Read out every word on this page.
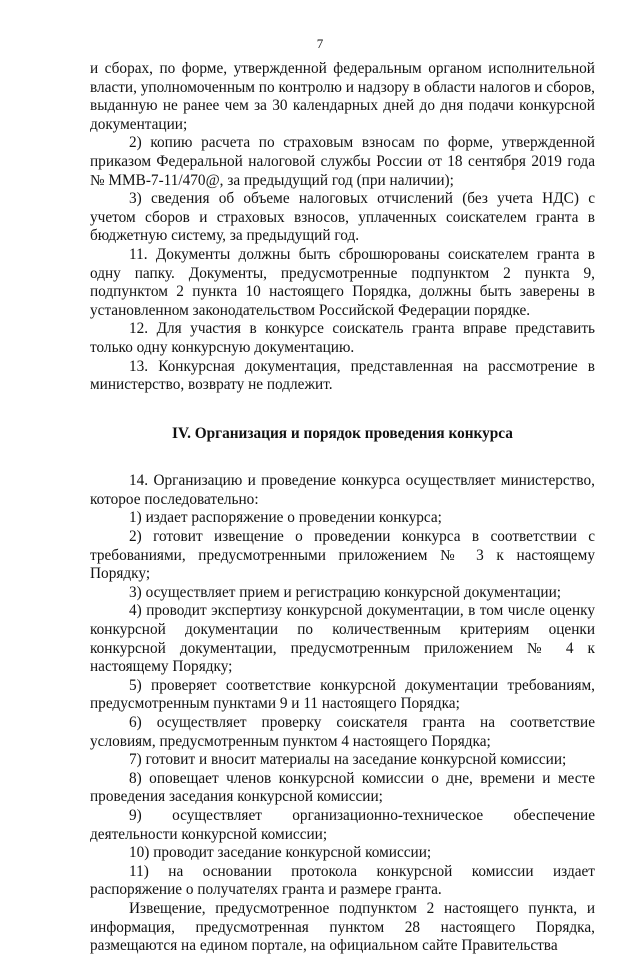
7

и сборах, по форме, утвержденной федеральным органом исполнительной власти, уполномоченным по контролю и надзору в области налогов и сборов, выданную не ранее чем за 30 календарных дней до дня подачи конкурсной документации;

2) копию расчета по страховым взносам по форме, утвержденной приказом Федеральной налоговой службы России от 18 сентября 2019 года № ММВ-7-11/470@, за предыдущий год (при наличии);

3) сведения об объеме налоговых отчислений (без учета НДС) с учетом сборов и страховых взносов, уплаченных соискателем гранта в бюджетную систему, за предыдущий год.

11. Документы должны быть сброшюрованы соискателем гранта в одну папку. Документы, предусмотренные подпунктом 2 пункта 9, подпунктом 2 пункта 10 настоящего Порядка, должны быть заверены в установленном законодательством Российской Федерации порядке.

12. Для участия в конкурсе соискатель гранта вправе представить только одну конкурсную документацию.

13. Конкурсная документация, представленная на рассмотрение в министерство, возврату не подлежит.

IV. Организация и порядок проведения конкурса

14. Организацию и проведение конкурса осуществляет министерство, которое последовательно:

1) издает распоряжение о проведении конкурса;

2) готовит извещение о проведении конкурса в соответствии с требованиями, предусмотренными приложением № 3 к настоящему Порядку;

3) осуществляет прием и регистрацию конкурсной документации;

4) проводит экспертизу конкурсной документации, в том числе оценку конкурсной документации по количественным критериям оценки конкурсной документации, предусмотренным приложением № 4 к настоящему Порядку;

5) проверяет соответствие конкурсной документации требованиям, предусмотренным пунктами 9 и 11 настоящего Порядка;

6) осуществляет проверку соискателя гранта на соответствие условиям, предусмотренным пунктом 4 настоящего Порядка;

7) готовит и вносит материалы на заседание конкурсной комиссии;

8) оповещает членов конкурсной комиссии о дне, времени и месте проведения заседания конкурсной комиссии;

9) осуществляет организационно-техническое обеспечение деятельности конкурсной комиссии;

10) проводит заседание конкурсной комиссии;

11) на основании протокола конкурсной комиссии издает распоряжение о получателях гранта и размере гранта.

Извещение, предусмотренное подпунктом 2 настоящего пункта, и информация, предусмотренная пунктом 28 настоящего Порядка, размещаются на едином портале, на официальном сайте Правительства
